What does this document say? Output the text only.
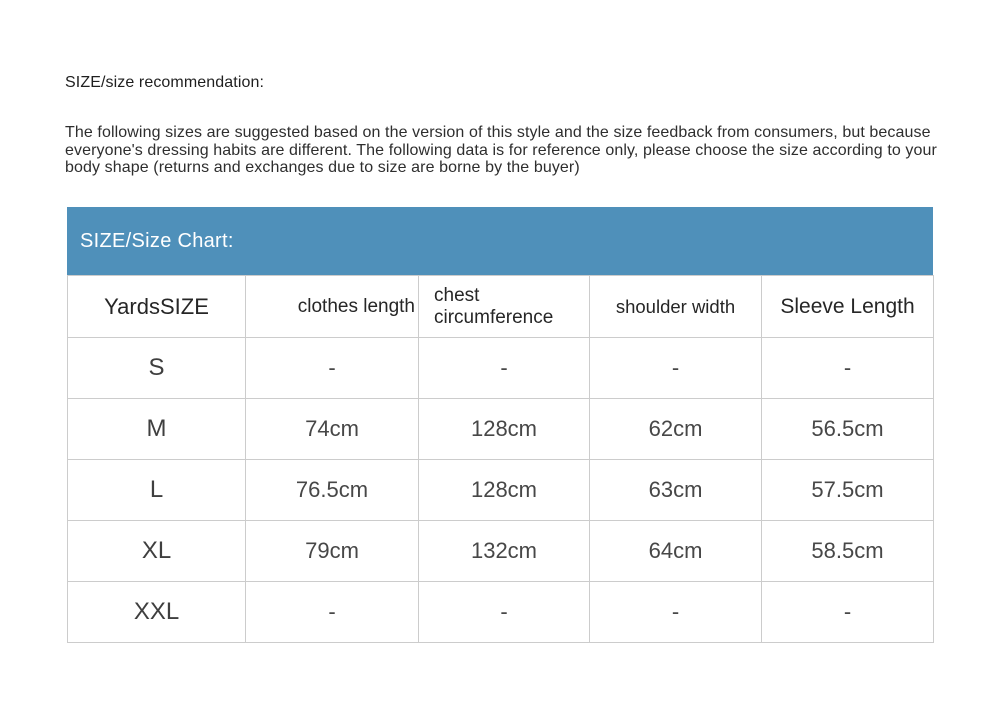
SIZE/size recommendation:
The following sizes are suggested based on the version of this style and the size feedback from consumers, but because everyone's dressing habits are different. The following data is for reference only, please choose the size according to your body shape (returns and exchanges due to size are borne by the buyer)
SIZE/Size Chart:
YardsSIZE	clothes length	chest circumference	shoulder width	Sleeve Length
S	-	-	-	-
M	74cm	128cm	62cm	56.5cm
L	76.5cm	128cm	63cm	57.5cm
XL	79cm	132cm	64cm	58.5cm
XXL	-	-	-	-
